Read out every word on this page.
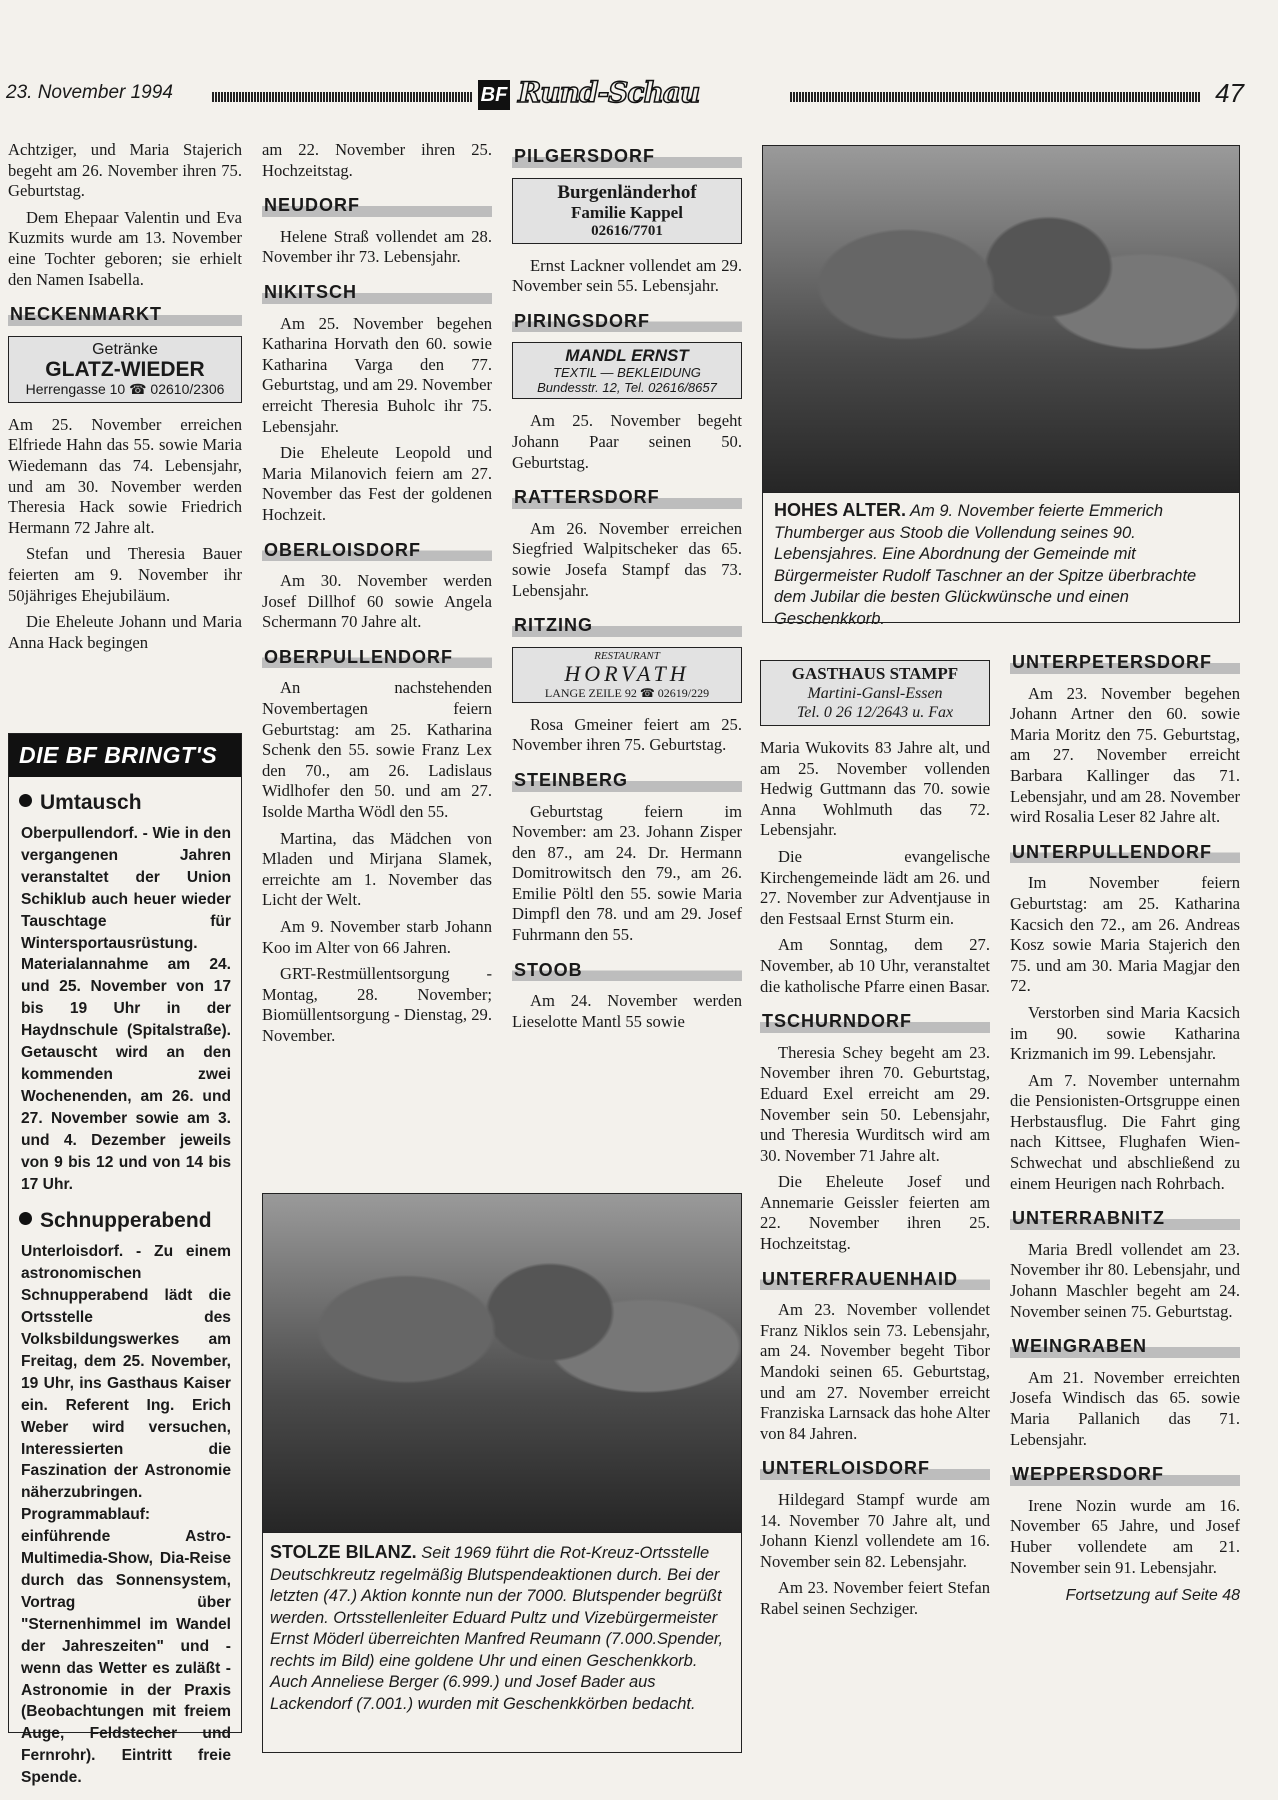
23. November 1994	BF Rund-Schau	47

Achtziger, und Maria Stajerich begeht am 26. November ihren 75. Geburtstag.

Dem Ehepaar Valentin und Eva Kuzmits wurde am 13. November eine Tochter geboren; sie erhielt den Namen Isabella.

NECKENMARKT
Getränke
GLATZ-WIEDER
Herrengasse 10 ☎ 02610/2306

Am 25. November erreichen Elfriede Hahn das 55. sowie Maria Wiedemann das 74. Lebensjahr, und am 30. November werden Theresia Hack sowie Friedrich Hermann 72 Jahre alt.

Stefan und Theresia Bauer feierten am 9. November ihr 50jähriges Ehejubiläum.

Die Eheleute Johann und Maria Anna Hack begingen

DIE BF BRINGT'S
Umtausch

Oberpullendorf. - Wie in den vergangenen Jahren veranstaltet der Union Schiklub auch heuer wieder Tauschtage für Wintersportausrüstung. Materialannahme am 24. und 25. November von 17 bis 19 Uhr in der Haydnschule (Spitalstraße). Getauscht wird an den kommenden zwei Wochenenden, am 26. und 27. November sowie am 3. und 4. Dezember jeweils von 9 bis 12 und von 14 bis 17 Uhr.

Schnupperabend

Unterloisdorf. - Zu einem astronomischen Schnupperabend lädt die Ortsstelle des Volksbildungswerkes am Freitag, dem 25. November, 19 Uhr, ins Gasthaus Kaiser ein. Referent Ing. Erich Weber wird versuchen, Interessierten die Faszination der Astronomie näherzubringen. Programmablauf: einführende Astro-Multimedia-Show, Dia-Reise durch das Sonnensystem, Vortrag über "Sternenhimmel im Wandel der Jahreszeiten" und - wenn das Wetter es zuläßt - Astronomie in der Praxis (Beobachtungen mit freiem Auge, Feldstecher und Fernrohr). Eintritt freie Spende.

am 22. November ihren 25. Hochzeitstag.

NEUDORF

Helene Straß vollendet am 28. November ihr 73. Lebensjahr.

NIKITSCH

Am 25. November begehen Katharina Horvath den 60. sowie Katharina Varga den 77. Geburtstag, und am 29. November erreicht Theresia Buholc ihr 75. Lebensjahr.

Die Eheleute Leopold und Maria Milanovich feiern am 27. November das Fest der goldenen Hochzeit.

OBERLOISDORF

Am 30. November werden Josef Dillhof 60 sowie Angela Schermann 70 Jahre alt.

OBERPULLENDORF

An nachstehenden Novembertagen feiern Geburtstag: am 25. Katharina Schenk den 55. sowie Franz Lex den 70., am 26. Ladislaus Widlhofer den 50. und am 27. Isolde Martha Wödl den 55.

Martina, das Mädchen von Mladen und Mirjana Slamek, erreichte am 1. November das Licht der Welt.

Am 9. November starb Johann Koo im Alter von 66 Jahren.

GRT-Restmüllentsorgung - Montag, 28. November; Biomüllentsorgung - Dienstag, 29. November.

PILGERSDORF
Burgenländerhof
Familie Kappel
02616/7701

Ernst Lackner vollendet am 29. November sein 55. Lebensjahr.

PIRINGSDORF
MANDL ERNST
TEXTIL — BEKLEIDUNG
Bundesstr. 12, Tel. 02616/8657

Am 25. November begeht Johann Paar seinen 50. Geburtstag.

RATTERSDORF

Am 26. November erreichen Siegfried Walpitscheker das 65. sowie Josefa Stampf das 73. Lebensjahr.

RITZING
RESTAURANT
HORVATH
LANGE ZEILE 92 ☎ 02619/229

Rosa Gmeiner feiert am 25. November ihren 75. Geburtstag.

STEINBERG

Geburtstag feiern im November: am 23. Johann Zisper den 87., am 24. Dr. Hermann Domitrowitsch den 79., am 26. Emilie Pöltl den 55. sowie Maria Dimpfl den 78. und am 29. Josef Fuhrmann den 55.

STOOB

Am 24. November werden Lieselotte Mantl 55 sowie

HOHES ALTER. Am 9. November feierte Emmerich Thumberger aus Stoob die Vollendung seines 90. Lebensjahres. Eine Abordnung der Gemeinde mit Bürgermeister Rudolf Taschner an der Spitze überbrachte dem Jubilar die besten Glückwünsche und einen Geschenkkorb.
STOLZE BILANZ. Seit 1969 führt die Rot-Kreuz-Ortsstelle Deutschkreutz regelmäßig Blutspendeaktionen durch. Bei der letzten (47.) Aktion konnte nun der 7000. Blutspender begrüßt werden. Ortsstellenleiter Eduard Pultz und Vizebürgermeister Ernst Möderl überreichten Manfred Reumann (7.000.Spender, rechts im Bild) eine goldene Uhr und einen Geschenkkorb. Auch Anneliese Berger (6.999.) und Josef Bader aus Lackendorf (7.001.) wurden mit Geschenkkörben bedacht.
GASTHAUS STAMPF
Martini-Gansl-Essen
Tel. 0 26 12/2643 u. Fax

Maria Wukovits 83 Jahre alt, und am 25. November vollenden Hedwig Guttmann das 70. sowie Anna Wohlmuth das 72. Lebensjahr.

Die evangelische Kirchengemeinde lädt am 26. und 27. November zur Adventjause in den Festsaal Ernst Sturm ein.

Am Sonntag, dem 27. November, ab 10 Uhr, veranstaltet die katholische Pfarre einen Basar.

TSCHURNDORF

Theresia Schey begeht am 23. November ihren 70. Geburtstag, Eduard Exel erreicht am 29. November sein 50. Lebensjahr, und Theresia Wurditsch wird am 30. November 71 Jahre alt.

Die Eheleute Josef und Annemarie Geissler feierten am 22. November ihren 25. Hochzeitstag.

UNTERFRAUENHAID

Am 23. November vollendet Franz Niklos sein 73. Lebensjahr, am 24. November begeht Tibor Mandoki seinen 65. Geburtstag, und am 27. November erreicht Franziska Larnsack das hohe Alter von 84 Jahren.

UNTERLOISDORF

Hildegard Stampf wurde am 14. November 70 Jahre alt, und Johann Kienzl vollendete am 16. November sein 82. Lebensjahr.

Am 23. November feiert Stefan Rabel seinen Sechziger.

UNTERPETERSDORF

Am 23. November begehen Johann Artner den 60. sowie Maria Moritz den 75. Geburtstag, am 27. November erreicht Barbara Kallinger das 71. Lebensjahr, und am 28. November wird Rosalia Leser 82 Jahre alt.

UNTERPULLENDORF

Im November feiern Geburtstag: am 25. Katharina Kacsich den 72., am 26. Andreas Kosz sowie Maria Stajerich den 75. und am 30. Maria Magjar den 72.

Verstorben sind Maria Kacsich im 90. sowie Katharina Krizmanich im 99. Lebensjahr.

Am 7. November unternahm die Pensionisten-Ortsgruppe einen Herbstausflug. Die Fahrt ging nach Kittsee, Flughafen Wien-Schwechat und abschließend zu einem Heurigen nach Rohrbach.

UNTERRABNITZ

Maria Bredl vollendet am 23. November ihr 80. Lebensjahr, und Johann Maschler begeht am 24. November seinen 75. Geburtstag.

WEINGRABEN

Am 21. November erreichten Josefa Windisch das 65. sowie Maria Pallanich das 71. Lebensjahr.

WEPPERSDORF

Irene Nozin wurde am 16. November 65 Jahre, und Josef Huber vollendete am 21. November sein 91. Lebensjahr.

Fortsetzung auf Seite 48
